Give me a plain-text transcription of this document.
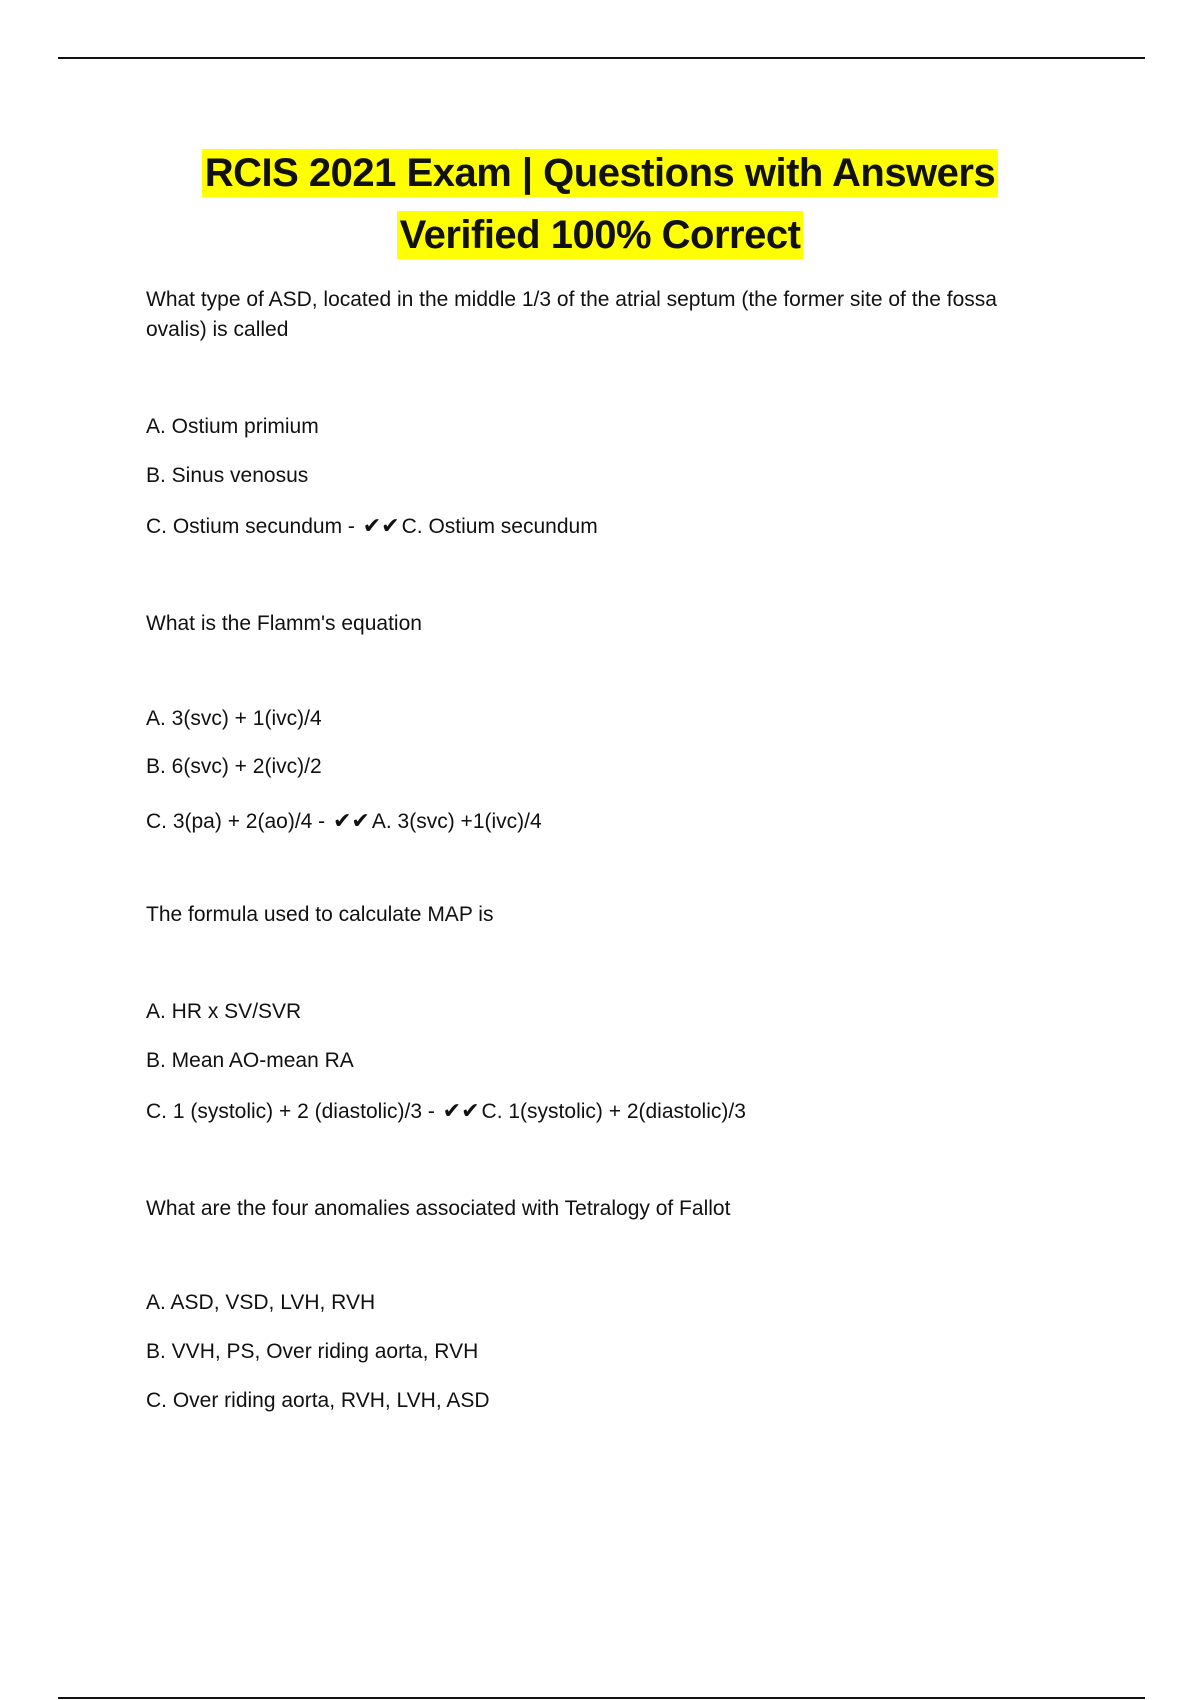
RCIS 2021 Exam | Questions with Answers
Verified 100% Correct
What type of ASD, located in the middle 1/3 of the atrial septum (the former site of the fossa
ovalis) is called
A. Ostium primium
B. Sinus venosus
C. Ostium secundum - ✔✔C. Ostium secundum
What is the Flamm's equation
A. 3(svc) + 1(ivc)/4
B. 6(svc) + 2(ivc)/2
C. 3(pa) + 2(ao)/4 - ✔✔A. 3(svc) +1(ivc)/4
The formula used to calculate MAP is
A. HR x SV/SVR
B. Mean AO-mean RA
C. 1 (systolic) + 2 (diastolic)/3 - ✔✔C. 1(systolic) + 2(diastolic)/3
What are the four anomalies associated with Tetralogy of Fallot
A. ASD, VSD, LVH, RVH
B. VVH, PS, Over riding aorta, RVH
C. Over riding aorta, RVH, LVH, ASD
